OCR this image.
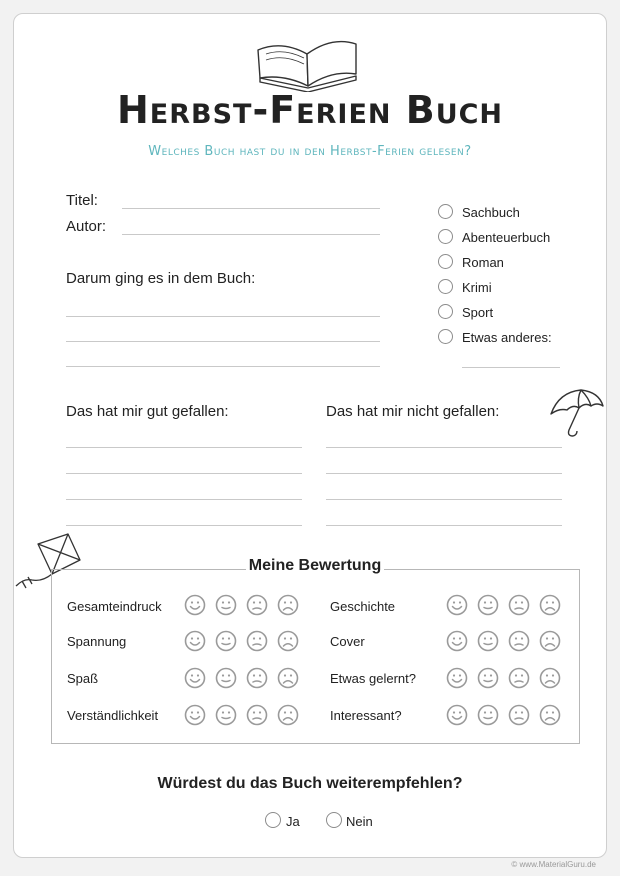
Herbst-Ferien Buch
Welches Buch hast du in den Herbst-Ferien gelesen?
Titel:
Autor:
Darum ging es in dem Buch:
Sachbuch
Abenteuerbuch
Roman
Krimi
Sport
Etwas anderes:
Das hat mir gut gefallen:	Das hat mir nicht gefallen:
Meine Bewertung
Gesamteindruck
Spannung
Spaß
Verständlichkeit
Geschichte
Cover
Etwas gelernt?
Interessant?
Würdest du das Buch weiterempfehlen?
Ja	Nein
© www.MaterialGuru.de
